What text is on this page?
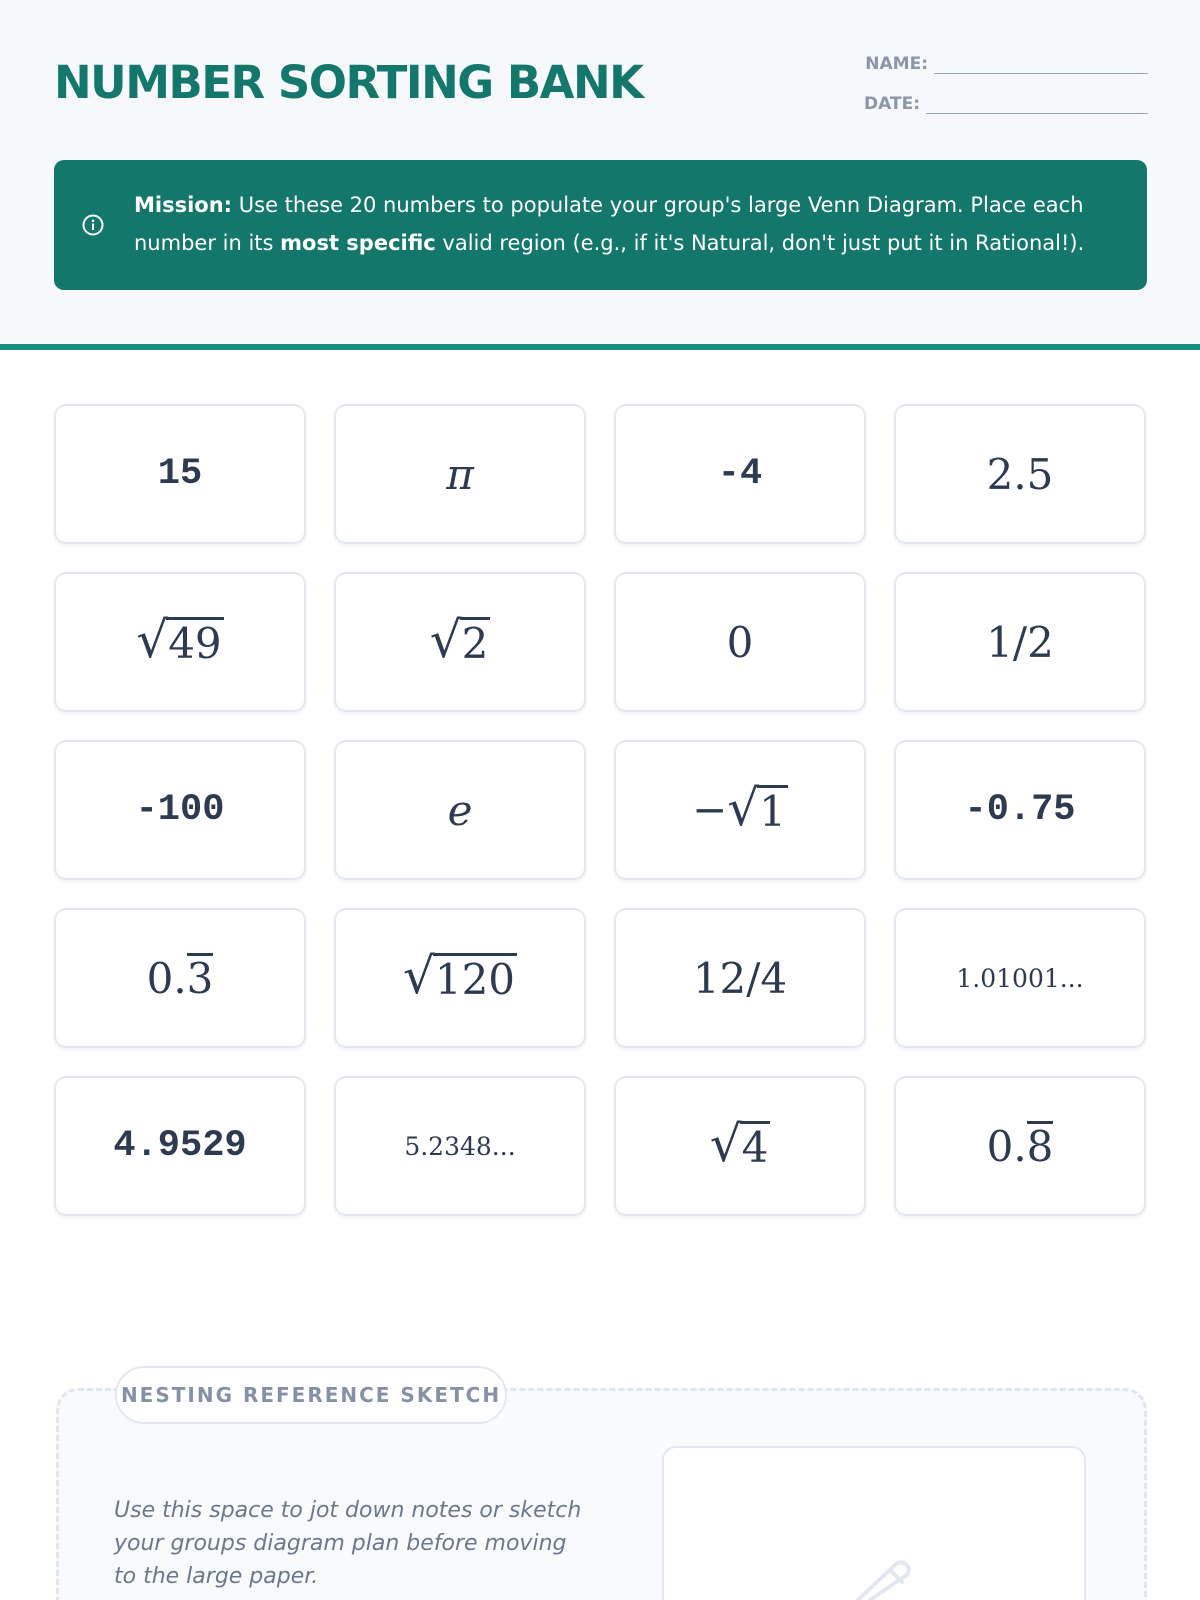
NUMBER SORTING BANK	NAME:
DATE:
Mission: Use these 20 numbers to populate your group's large Venn Diagram. Place each number in its most specific valid region (e.g., if it's Natural, don't just put it in Rational!).
15	π	-4	2.5
√ 49	√ 2	0	1/2
-100	e	− √ 1	-0.75
0.3	√ 120	12/4	1.01001...
4.9529	5.2348...	√ 4	0.8
NESTING REFERENCE SKETCH
Use this space to jot down notes or sketch your groups diagram plan before moving to the large paper.
